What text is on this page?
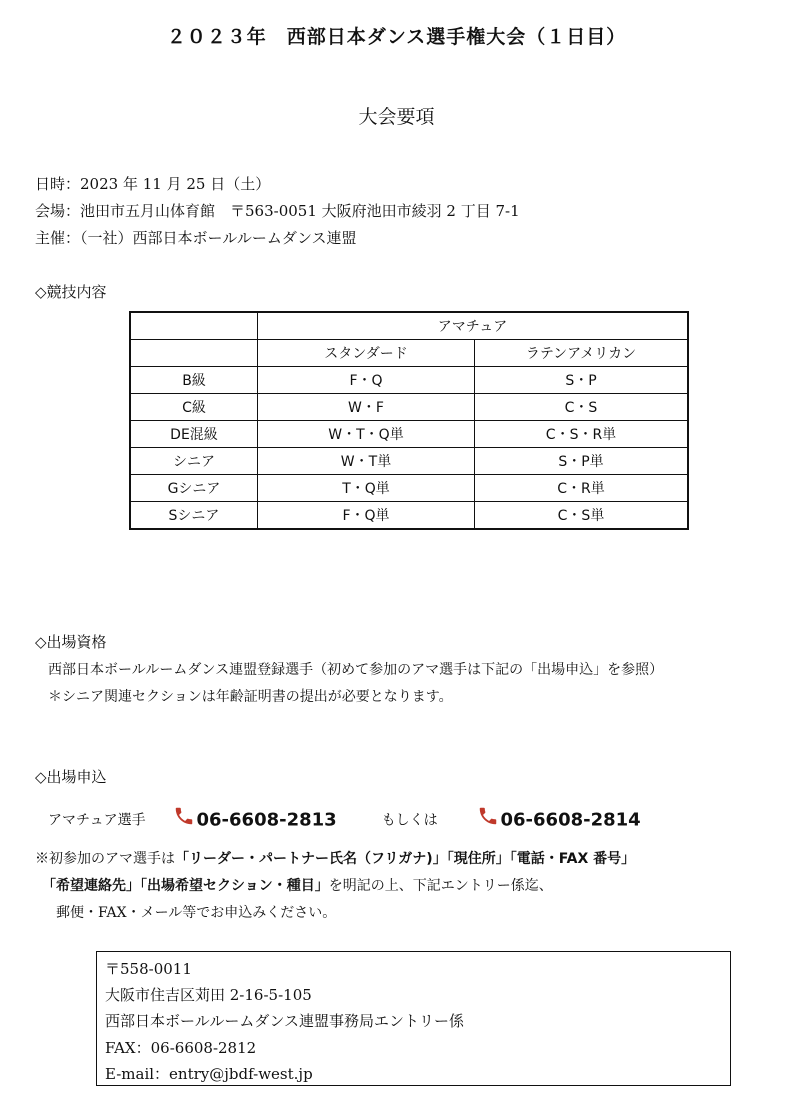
２０２３年　西部日本ダンス選手権大会（１日目）
大会要項
日時：2023 年 11 月 25 日（土）
会場：池田市五月山体育館　〒563-0051 大阪府池田市綾羽 2 丁目 7-1
主催：（一社）西部日本ボールルームダンス連盟
◇競技内容
	アマチュア	
	スタンダード	ラテンアメリカン
B級	F・Q	S・P
C級	W・F	C・S
DE混級	W・T・Q単	C・S・R単
シニア	W・T単	S・P単
Gシニア	T・Q単	C・R単
Sシニア	F・Q単	C・S単
◇出場資格
西部日本ボールルームダンス連盟登録選手（初めて参加のアマ選手は下記の「出場申込」を参照）
＊シニア関連セクションは年齢証明書の提出が必要となります。
◇出場申込
アマチュア選手	06-6608-2813	もしくは	06-6608-2814
※初参加のアマ選手は「リーダー・パートナー氏名（フリガナ)」「現住所」「電話・FAX 番号」
「希望連絡先」「出場希望セクション・種目」を明記の上、下記エントリー係迄、
郵便・FAX・メール等でお申込みください。
〒558-0011
大阪市住吉区苅田 2-16-5-105
西部日本ボールルームダンス連盟事務局エントリー係
FAX：06-6608-2812
E-mail：entry@jbdf-west.jp
